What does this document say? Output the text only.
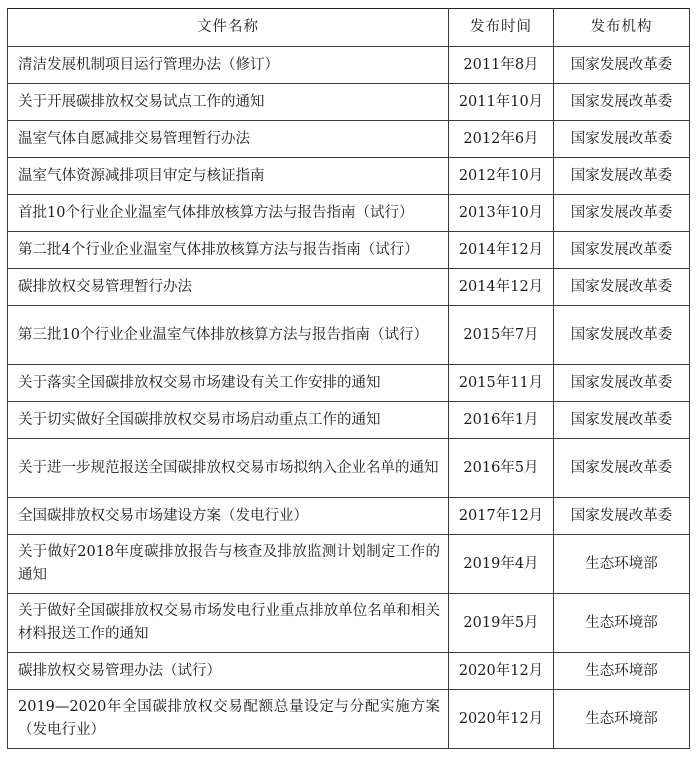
文件名称	发布时间	发布机构
清洁发展机制项目运行管理办法（修订）	2011年8月	国家发展改革委
关于开展碳排放权交易试点工作的通知	2011年10月	国家发展改革委
温室气体自愿减排交易管理暂行办法	2012年6月	国家发展改革委
温室气体资源减排项目审定与核证指南	2012年10月	国家发展改革委
首批10个行业企业温室气体排放核算方法与报告指南（试行）	2013年10月	国家发展改革委
第二批4个行业企业温室气体排放核算方法与报告指南（试行）	2014年12月	国家发展改革委
碳排放权交易管理暂行办法	2014年12月	国家发展改革委
第三批10个行业企业温室气体排放核算方法与报告指南（试行）	2015年7月	国家发展改革委
关于落实全国碳排放权交易市场建设有关工作安排的通知	2015年11月	国家发展改革委
关于切实做好全国碳排放权交易市场启动重点工作的通知	2016年1月	国家发展改革委
关于进一步规范报送全国碳排放权交易市场拟纳入企业名单的通知	2016年5月	国家发展改革委
全国碳排放权交易市场建设方案（发电行业）	2017年12月	国家发展改革委
关于做好2018年度碳排放报告与核查及排放监测计划制定工作的通知	2019年4月	生态环境部
关于做好全国碳排放权交易市场发电行业重点排放单位名单和相关材料报送工作的通知	2019年5月	生态环境部
碳排放权交易管理办法（试行）	2020年12月	生态环境部
2019—2020年全国碳排放权交易配额总量设定与分配实施方案（发电行业）	2020年12月	生态环境部
